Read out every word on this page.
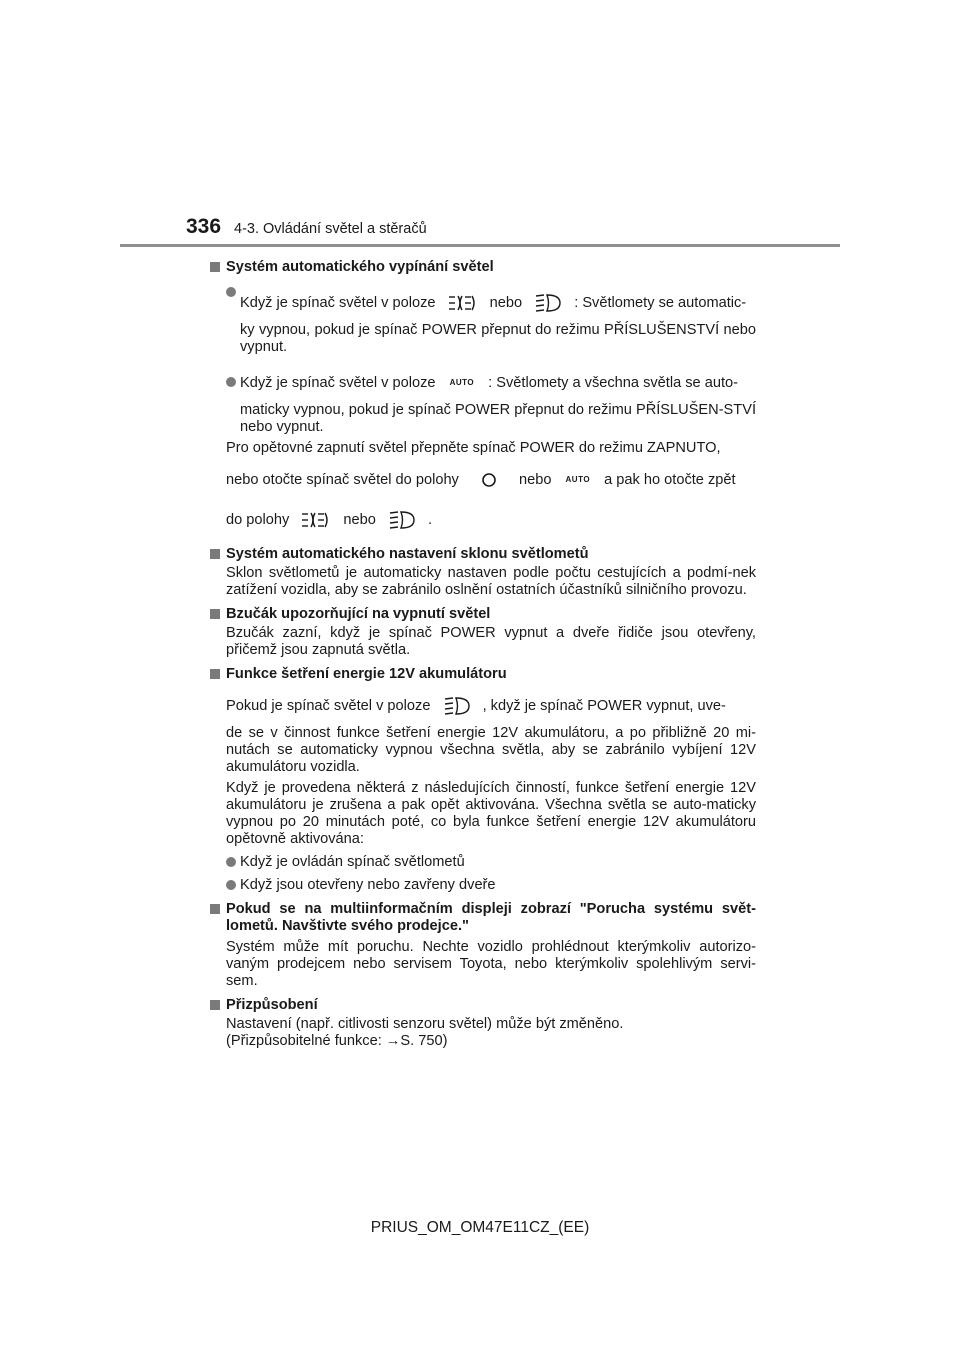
336 4-3. Ovládání světel a stěračů
Systém automatického vypínání světel
Když je spínač světel v poloze	nebo	: Světlomety se automatic-
ky vypnou, pokud je spínač POWER přepnut do režimu PŘÍSLUŠENSTVÍ nebo vypnut.
Když je spínač světel v poloze AUTO : Světlomety a všechna světla se auto-
maticky vypnou, pokud je spínač POWER přepnut do režimu PŘÍSLUŠEN-STVÍ nebo vypnut.
Pro opětovné zapnutí světel přepněte spínač POWER do režimu ZAPNUTO,
nebo otočte spínač světel do polohy	nebo AUTO a pak ho otočte zpět
do polohy	nebo	.
Systém automatického nastavení sklonu světlometů
Sklon světlometů je automaticky nastaven podle počtu cestujících a podmí-nek zatížení vozidla, aby se zabránilo oslnění ostatních účastníků silničního provozu.
Bzučák upozorňující na vypnutí světel
Bzučák zazní, když je spínač POWER vypnut a dveře řidiče jsou otevřeny, přičemž jsou zapnutá světla.
Funkce šetření energie 12V akumulátoru
Pokud je spínač světel v poloze	, když je spínač POWER vypnut, uve-
de se v činnost funkce šetření energie 12V akumulátoru, a po přibližně 20 mi-nutách se automaticky vypnou všechna světla, aby se zabránilo vybíjení 12V akumulátoru vozidla.
Když je provedena některá z následujících činností, funkce šetření energie 12V akumulátoru je zrušena a pak opět aktivována. Všechna světla se auto-maticky vypnou po 20 minutách poté, co byla funkce šetření energie 12V akumulátoru opětovně aktivována:
Když je ovládán spínač světlometů
Když jsou otevřeny nebo zavřeny dveře
Pokud se na multiinformačním displeji zobrazí "Porucha systému svět-lometů. Navštivte svého prodejce."
Systém může mít poruchu. Nechte vozidlo prohlédnout kterýmkoliv autorizo-vaným prodejcem nebo servisem Toyota, nebo kterýmkoliv spolehlivým servi-sem.
Přizpůsobení
Nastavení (např. citlivosti senzoru světel) může být změněno.
(Přizpůsobitelné funkce: →S. 750)
PRIUS_OM_OM47E11CZ_(EE)
